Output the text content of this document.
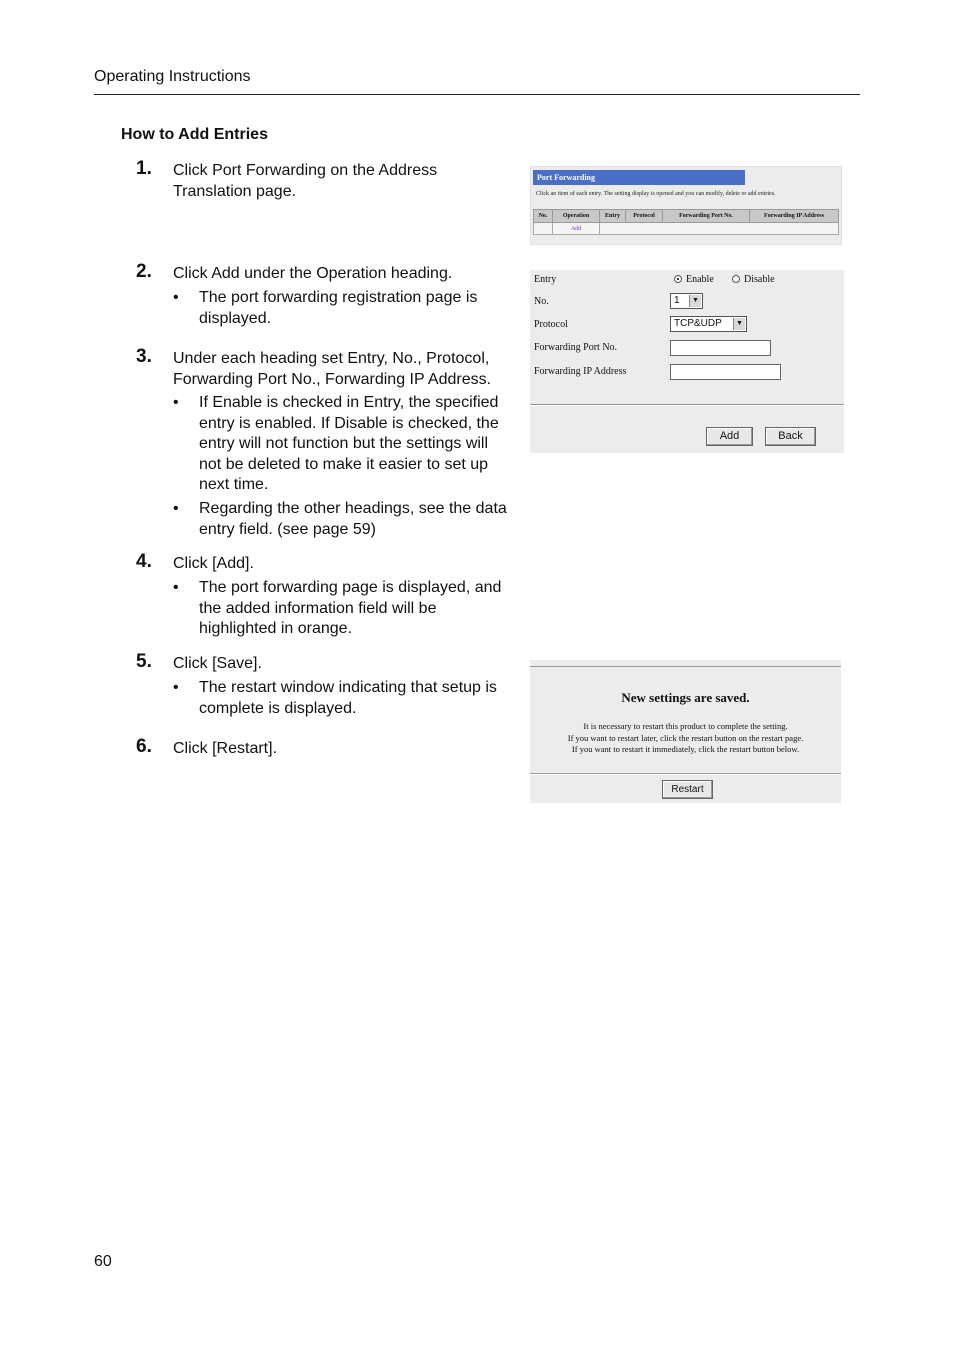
Operating Instructions
How to Add Entries
1. Click Port Forwarding on the Address Translation page.
2. Click Add under the Operation heading.
• The port forwarding registration page is displayed.
3. Under each heading set Entry, No., Protocol, Forwarding Port No., Forwarding IP Address.
• If Enable is checked in Entry, the specified entry is enabled. If Disable is checked, the entry will not function but the settings will not be deleted to make it easier to set up next time.
• Regarding the other headings, see the data entry field. (see page 59)
4. Click [Add].
• The port forwarding page is displayed, and the added information field will be highlighted in orange.
5. Click [Save].
• The restart window indicating that setup is complete is displayed.
6. Click [Restart].
Port Forwarding
Click an item of each entry. The setting display is opened and you can modify, delete or add entries.
No.	Operation	Entry	Protocol	Forwarding Port No.	Forwarding IP Address
	Add				
Entry	Enable	Disable
No.	1	▼
Protocol	TCP&UDP	▼
Forwarding Port No.
Forwarding IP Address
Add	Back
New settings are saved.
It is necessary to restart this product to complete the setting.
If you want to restart later, click the restart button on the restart page.
If you want to restart it immediately, click the restart button below.
Restart
60
